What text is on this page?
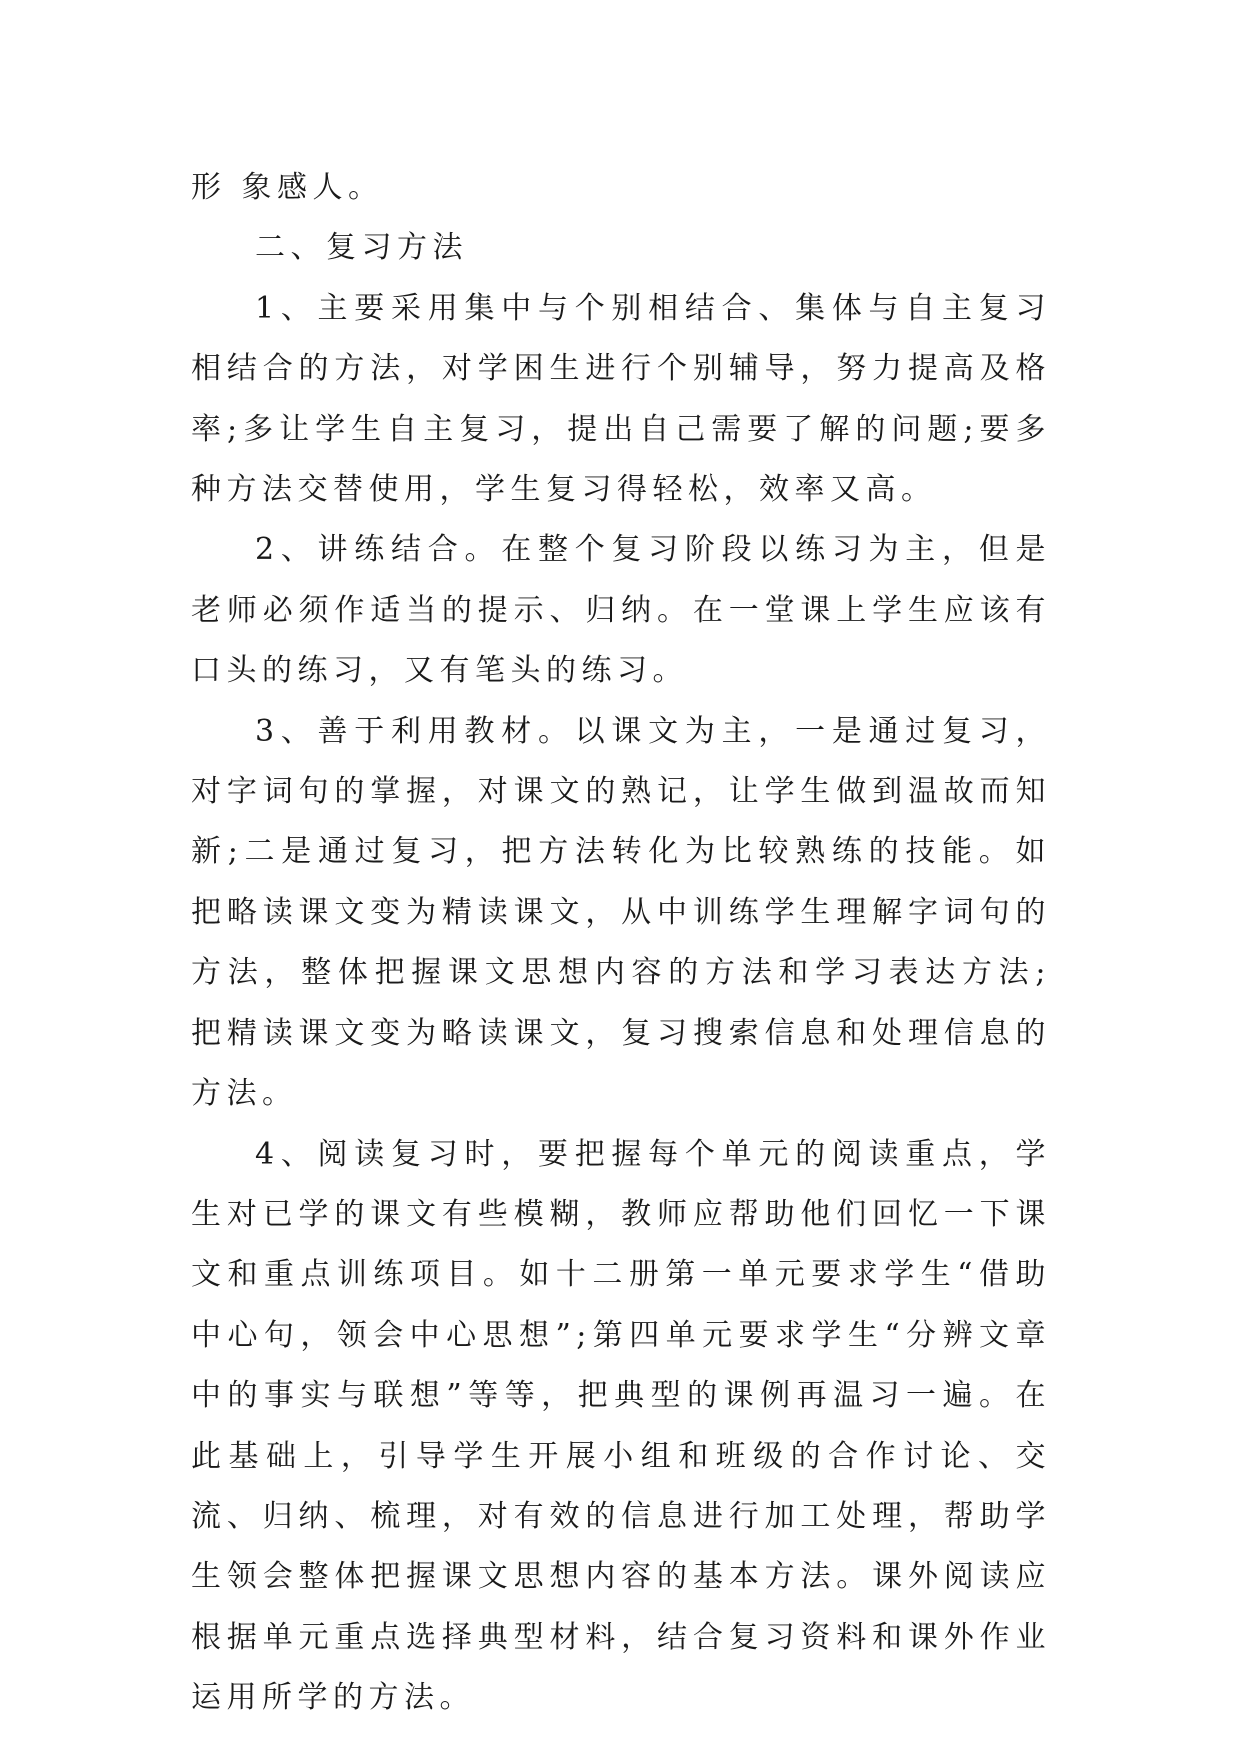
形 象感人。

二、复习方法

1、主要采用集中与个别相结合、集体与自主复习相结合的方法，对学困生进行个别辅导，努力提高及格率;多让学生自主复习，提出自己需要了解的问题;要多种方法交替使用，学生复习得轻松，效率又高。

2、讲练结合。在整个复习阶段以练习为主，但是老师必须作适当的提示、归纳。在一堂课上学生应该有口头的练习，又有笔头的练习。

3、善于利用教材。以课文为主，一是通过复习，对字词句的掌握，对课文的熟记，让学生做到温故而知新;二是通过复习，把方法转化为比较熟练的技能。如把略读课文变为精读课文，从中训练学生理解字词句的方法，整体把握课文思想内容的方法和学习表达方法;把精读课文变为略读课文，复习搜索信息和处理信息的方法。

4、阅读复习时，要把握每个单元的阅读重点，学生对已学的课文有些模糊，教师应帮助他们回忆一下课文和重点训练项目。如十二册第一单元要求学生“借助中心句，领会中心思想”;第四单元要求学生“分辨文章中的事实与联想”等等，把典型的课例再温习一遍。在此基础上，引导学生开展小组和班级的合作讨论、交流、归纳、梳理，对有效的信息进行加工处理，帮助学生领会整体把握课文思想内容的基本方法。课外阅读应根据单元重点选择典型材料，结合复习资料和课外作业运用所学的方法。
